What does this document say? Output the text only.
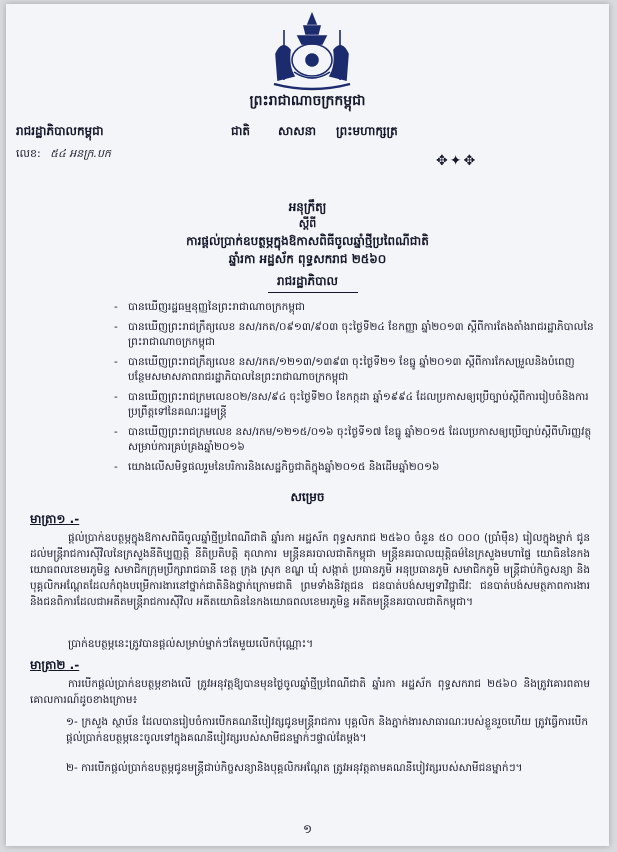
ព្រះរាជាណាចក្រកម្ពុជា
រាជរដ្ឋាភិបាលកម្ពុជា	ជាតិ សាសនា ព្រះមហាក្សត្រ
លេខ: ៥៤ អនក្រ.បក	✥✦✥
អនុក្រឹត្យ
ស្តីពី
ការផ្តល់ប្រាក់ឧបត្ថម្ភក្នុងឱកាសពិធីចូលឆ្នាំថ្មីប្រពៃណីជាតិ
ឆ្នាំរកា អដ្ឋស័ក ពុទ្ធសករាជ ២៥៦០
រាជរដ្ឋាភិបាល
- បានឃើញរដ្ឋធម្មនុញ្ញនៃព្រះរាជាណាចក្រកម្ពុជា
- បានឃើញព្រះរាជក្រឹត្យលេខ នស/រកត/០៩១៣/៩០៣ ចុះថ្ងៃទី២៤ ខែកញ្ញា ឆ្នាំ២០១៣ ស្តីពីការតែងតាំងរាជរដ្ឋាភិបាលនៃព្រះរាជាណាចក្រកម្ពុជា
- បានឃើញព្រះរាជក្រឹត្យលេខ នស/រកត/១២១៣/១៣៩៣ ចុះថ្ងៃទី២១ ខែធ្នូ ឆ្នាំ២០១៣ ស្តីពីការកែសម្រួលនិងបំពេញបន្ថែមសមាសភាពរាជរដ្ឋាភិបាលនៃព្រះរាជាណាចក្រកម្ពុជា
- បានឃើញព្រះរាជក្រមលេខ០២/នស/៩៤ ចុះថ្ងៃទី២០ ខែកក្កដា ឆ្នាំ១៩៩៤ ដែលប្រកាសឲ្យប្រើច្បាប់ស្តីពីការរៀបចំនិងការប្រព្រឹត្តទៅនៃគណៈរដ្ឋមន្ត្រី
- បានឃើញព្រះរាជក្រមលេខ នស/រកម/១២១៥/០១៦ ចុះថ្ងៃទី១៧ ខែធ្នូ ឆ្នាំ២០១៥ ដែលប្រកាសឲ្យប្រើច្បាប់ស្តីពីហិរញ្ញវត្ថុសម្រាប់ការគ្រប់គ្រងឆ្នាំ២០១៦
- យោងលើសមិទ្ធផលរួមនៃបរិការនិងសេដ្ឋកិច្ចជាតិក្នុងឆ្នាំ២០១៥ និងដើមឆ្នាំ២០១៦
សម្រេច
មាត្រា១ .-

ផ្តល់ប្រាក់ឧបត្ថម្ភក្នុងឱកាសពិធីចូលឆ្នាំថ្មីប្រពៃណីជាតិ ឆ្នាំរកា អដ្ឋស័ក ពុទ្ធសករាជ ២៥៦០ ចំនួន ៥០ ០០០ (ប្រាំម៉ឺន) រៀលក្នុងម្នាក់ ជូនដល់មន្ត្រីរាជការស៊ីវិលនៃក្រសួងនីតិប្បញ្ញត្តិ នីតិប្រតិបត្តិ តុលាការ មន្ត្រីនគរបាលជាតិកម្ពុជា មន្ត្រីនគរបាលយុត្តិធម៌នៃក្រសួងមហាផ្ទៃ យោធិននៃកងយោធពលខេមរភូមិន្ទ សមាជិកក្រុមប្រឹក្សារាជធានី ខេត្ត ក្រុង ស្រុក ខណ្ឌ ឃុំ សង្កាត់ ប្រធានភូមិ អនុប្រធានភូមិ សមាជិកភូមិ មន្ត្រីជាប់កិច្ចសន្យា និងបុគ្គលិកអណ្តែតដែលកំពុងបម្រើការងារនៅថ្នាក់ជាតិនិងថ្នាក់ក្រោមជាតិ ព្រមទាំងនិវត្តជន ជនបាត់បង់សម្បទាវិជ្ជាជីវៈ ជនបាត់បង់សមត្ថភាពការងារ និងជនពិការដែលជាអតីតមន្ត្រីរាជការស៊ីវិល អតីតយោធិននៃកងយោធពលខេមរភូមិន្ទ អតីតមន្ត្រីនគរបាលជាតិកម្ពុជា។

ប្រាក់ឧបត្ថម្ភនេះត្រូវបានផ្តល់សម្រាប់ម្នាក់ៗតែមួយលើកប៉ុណ្ណោះ។

មាត្រា២ .-

ការបើកផ្តល់ប្រាក់ឧបត្ថម្ភខាងលើ ត្រូវអនុវត្តឱ្យបានមុនថ្ងៃចូលឆ្នាំថ្មីប្រពៃណីជាតិ ឆ្នាំរកា អដ្ឋស័ក ពុទ្ធសករាជ ២៥៦០ និងត្រូវគោរពតាមគោលការណ៍ដូចខាងក្រោម៖

១- ក្រសួង ស្ថាប័ន ដែលបានរៀបចំការបើកគណនីបៀវត្សជូនមន្ត្រីរាជការ បុគ្គលិក និងភ្នាក់ងារសាធារណៈរបស់ខ្លួនរួចហើយ ត្រូវធ្វើការបើកផ្តល់ប្រាក់ឧបត្ថម្ភនេះចូលទៅក្នុងគណនីបៀវត្សរបស់សាមីជនម្នាក់ៗផ្ទាល់តែម្តង។

២- ការបើកផ្តល់ប្រាក់ឧបត្ថម្ភជូនមន្ត្រីជាប់កិច្ចសន្យានិងបុគ្គលិកអណ្តែត ត្រូវអនុវត្តតាមគណនីបៀវត្សរបស់សាមីជនម្នាក់ៗ។

១
